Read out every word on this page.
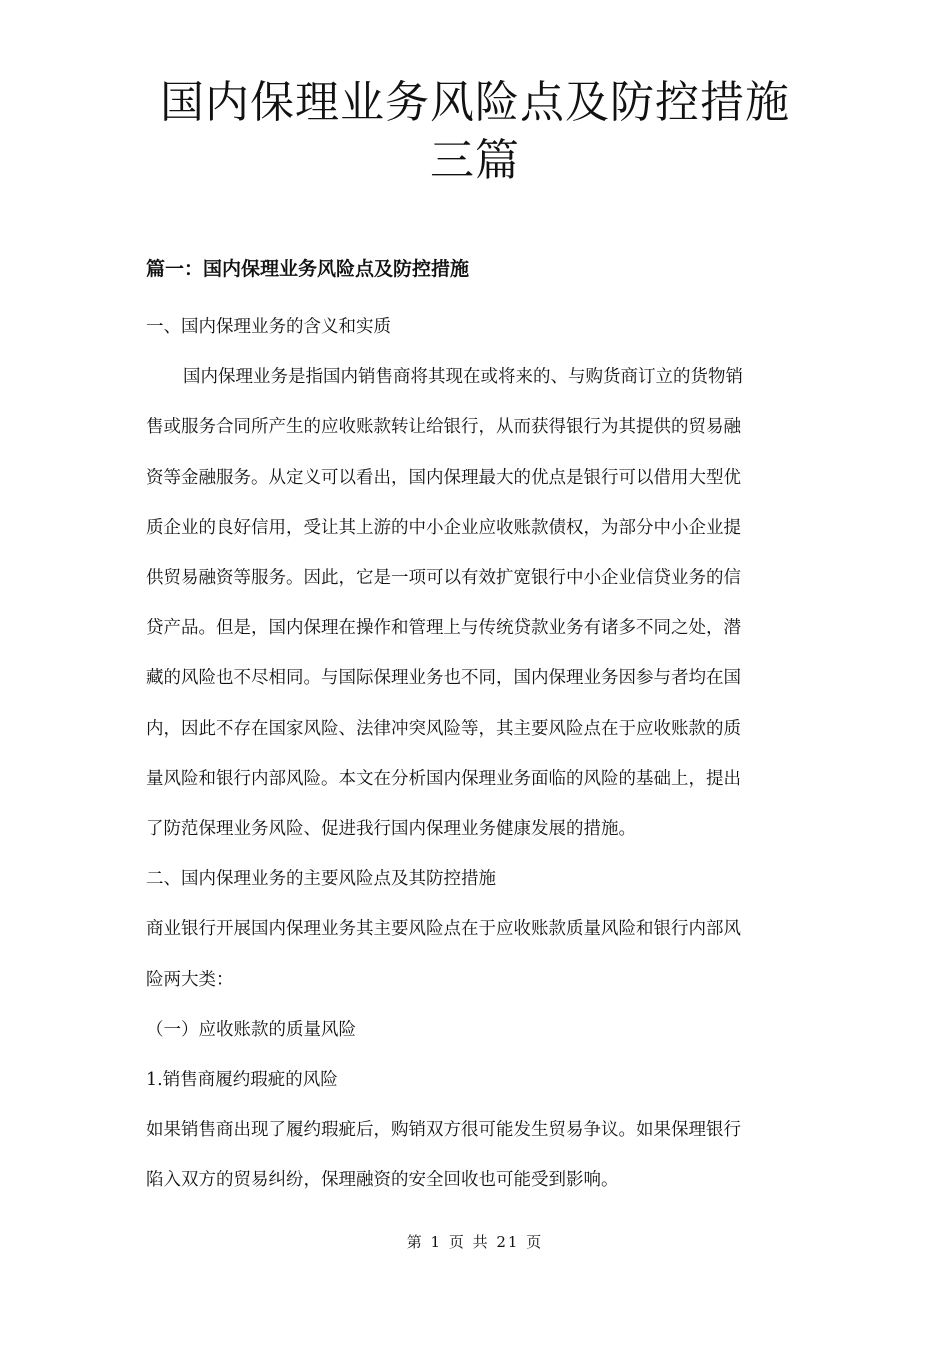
国内保理业务风险点及防控措施三篇
篇一：国内保理业务风险点及防控措施
一、国内保理业务的含义和实质
国内保理业务是指国内销售商将其现在或将来的、与购货商订立的货物销
售或服务合同所产生的应收账款转让给银行，从而获得银行为其提供的贸易融
资等金融服务。从定义可以看出，国内保理最大的优点是银行可以借用大型优
质企业的良好信用，受让其上游的中小企业应收账款债权，为部分中小企业提
供贸易融资等服务。因此，它是一项可以有效扩宽银行中小企业信贷业务的信
贷产品。但是，国内保理在操作和管理上与传统贷款业务有诸多不同之处，潜
藏的风险也不尽相同。与国际保理业务也不同，国内保理业务因参与者均在国
内，因此不存在国家风险、法律冲突风险等，其主要风险点在于应收账款的质
量风险和银行内部风险。本文在分析国内保理业务面临的风险的基础上，提出
了防范保理业务风险、促进我行国内保理业务健康发展的措施。
二、国内保理业务的主要风险点及其防控措施
商业银行开展国内保理业务其主要风险点在于应收账款质量风险和银行内部风
险两大类：
（一）应收账款的质量风险
1.销售商履约瑕疵的风险
如果销售商出现了履约瑕疵后，购销双方很可能发生贸易争议。如果保理银行
陷入双方的贸易纠纷，保理融资的安全回收也可能受到影响。
第 1 页 共 21 页
